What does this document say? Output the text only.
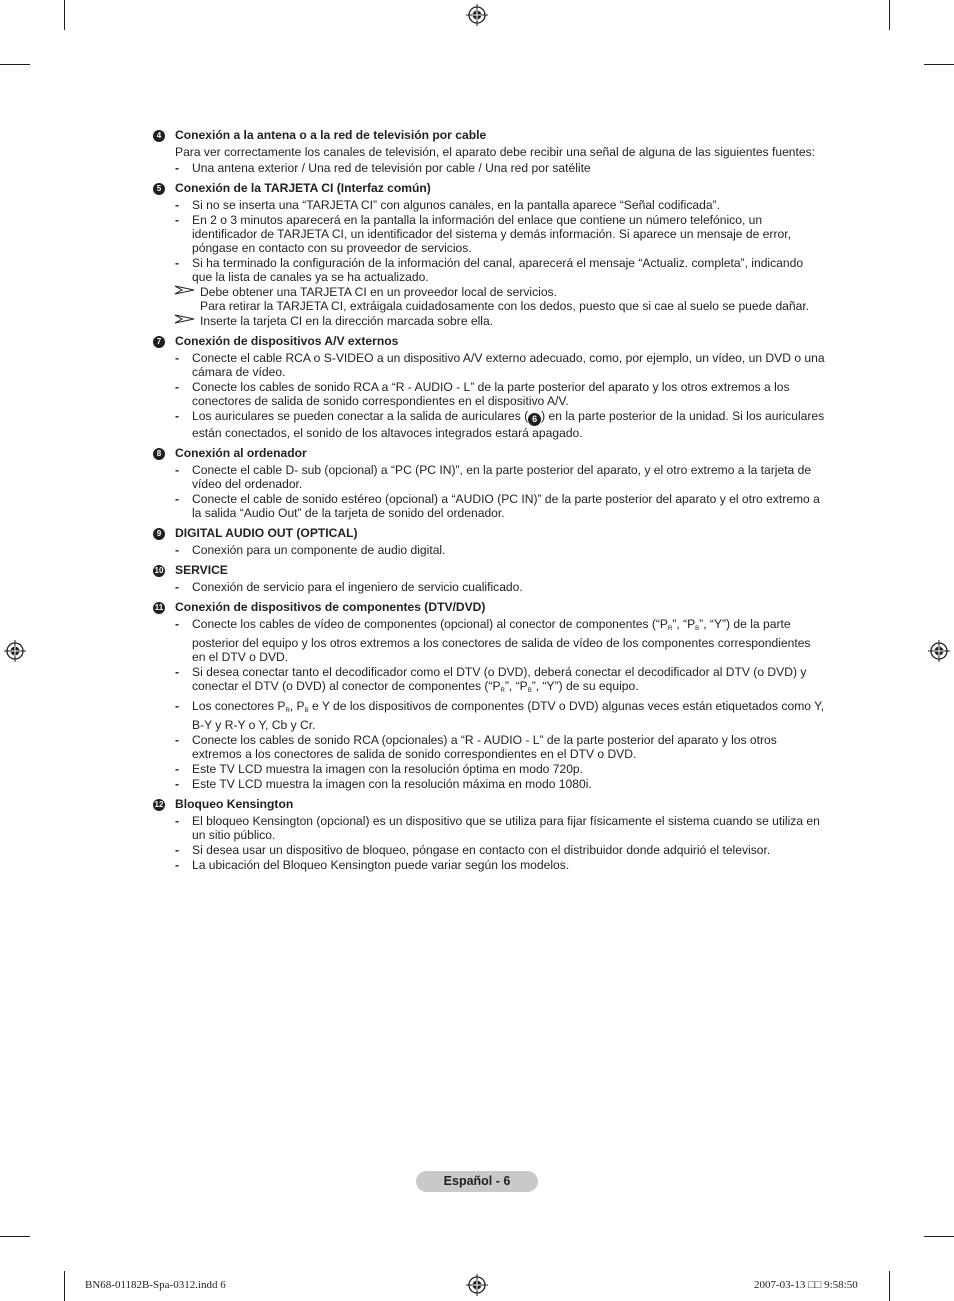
4	Conexión a la antena o a la red de televisión por cable
Para ver correctamente los canales de televisión, el aparato debe recibir una señal de alguna de las siguientes fuentes:
- Una antena exterior / Una red de televisión por cable / Una red por satélite
5	Conexión de la TARJETA CI (Interfaz común)
- Si no se inserta una “TARJETA CI” con algunos canales, en la pantalla aparece “Señal codificada”.
- En 2 o 3 minutos aparecerá en la pantalla la información del enlace que contiene un número telefónico, un identificador de TARJETA CI, un identificador del sistema y demás información. Si aparece un mensaje de error, póngase en contacto con su proveedor de servicios.
- Si ha terminado la configuración de la información del canal, aparecerá el mensaje “Actualiz. completa”, indicando que la lista de canales ya se ha actualizado.
Debe obtener una TARJETA CI en un proveedor local de servicios.
Para retirar la TARJETA CI, extráigala cuidadosamente con los dedos, puesto que si cae al suelo se puede dañar.
Inserte la tarjeta CI en la dirección marcada sobre ella.
7	Conexión de dispositivos A/V externos
- Conecte el cable RCA o S-VIDEO a un dispositivo A/V externo adecuado, como, por ejemplo, un vídeo, un DVD o una cámara de vídeo.
- Conecte los cables de sonido RCA a “R - AUDIO - L” de la parte posterior del aparato y los otros extremos a los conectores de salida de sonido correspondientes en el dispositivo A/V.
- Los auriculares se pueden conectar a la salida de auriculares ( 6 ) en la parte posterior de la unidad. Si los auriculares están conectados, el sonido de los altavoces integrados estará apagado.
8	Conexión al ordenador
- Conecte el cable D- sub (opcional) a “PC (PC IN)”, en la parte posterior del aparato, y el otro extremo a la tarjeta de vídeo del ordenador.
- Conecte el cable de sonido estéreo (opcional) a “AUDIO (PC IN)” de la parte posterior del aparato y el otro extremo a la salida “Audio Out” de la tarjeta de sonido del ordenador.
9	DIGITAL AUDIO OUT (OPTICAL)
- Conexión para un componente de audio digital.
10 SERVICE
- Conexión de servicio para el ingeniero de servicio cualificado.
11 Conexión de dispositivos de componentes (DTV/DVD)
- Conecte los cables de vídeo de componentes (opcional) al conector de componentes (“$P_R$”, “$P_B$”, “Y”) de la parte posterior del equipo y los otros extremos a los conectores de salida de vídeo de los componentes correspondientes en el DTV o DVD.
- Si desea conectar tanto el decodificador como el DTV (o DVD), deberá conectar el decodificador al DTV (o DVD) y conectar el DTV (o DVD) al conector de componentes (“$P_R$”, “$P_B$”, “Y”) de su equipo.
- Los conectores $P_R$, $P_B$ e Y de los dispositivos de componentes (DTV o DVD) algunas veces están etiquetados como Y, B-Y y R-Y o Y, Cb y Cr.
- Conecte los cables de sonido RCA (opcionales) a “R - AUDIO - L” de la parte posterior del aparato y los otros extremos a los conectores de salida de sonido correspondientes en el DTV o DVD.
- Este TV LCD muestra la imagen con la resolución óptima en modo 720p.
- Este TV LCD muestra la imagen con la resolución máxima en modo 1080i.
12 Bloqueo Kensington
- El bloqueo Kensington (opcional) es un dispositivo que se utiliza para fijar físicamente el sistema cuando se utiliza en un sitio público.
- Si desea usar un dispositivo de bloqueo, póngase en contacto con el distribuidor donde adquirió el televisor.
- La ubicación del Bloqueo Kensington puede variar según los modelos.
Español - 6
BN68-01182B-Spa-0312.indd 6	2007-03-13 □□ 9:58:50
